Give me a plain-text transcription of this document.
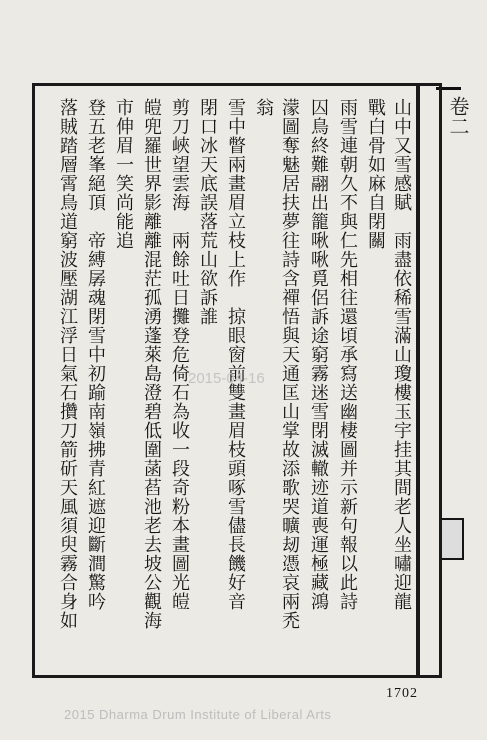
卷二
山中又雪感賦　雨盡依稀雪滿山瓊樓玉宇挂其間老人坐嘯迎龍
戰白骨如麻自閉關
雨雪連朝久不與仁先相往還頃承寫送幽棲圖并示新句報以此詩
囚鳥終難翮出籠啾啾覓侶訴途窮霧迷雪閉滅轍迹道喪運極藏鴻
濛圖奪魅居扶夢往詩含禪悟與天通匡山掌故添歌哭曠刼憑哀兩禿
翁
雪中瞥兩畫眉立枝上作　掠眼窗前雙畫眉枝頭啄雪儘長饑好音
閉口冰天底誤落荒山欲訴誰
剪刀峽望雲海　兩餘吐日攤登危倚石為收一段奇粉本畫圖光皚
皚兜羅世界影離離混茫孤湧蓬萊島澄碧低圍菡萏池老去坡公觀海
市伸眉一笑尚能追
登五老峯絕頂　帝縛孱魂閉雪中初踰南嶺拂青紅遮迎斷澗驚吟
落賊踏層霄鳥道窮波壓湖江浮日氣石攢刀箭斫天風須臾霧合身如	2015-04-16
1702
2015 Dharma Drum Institute of Liberal Arts
